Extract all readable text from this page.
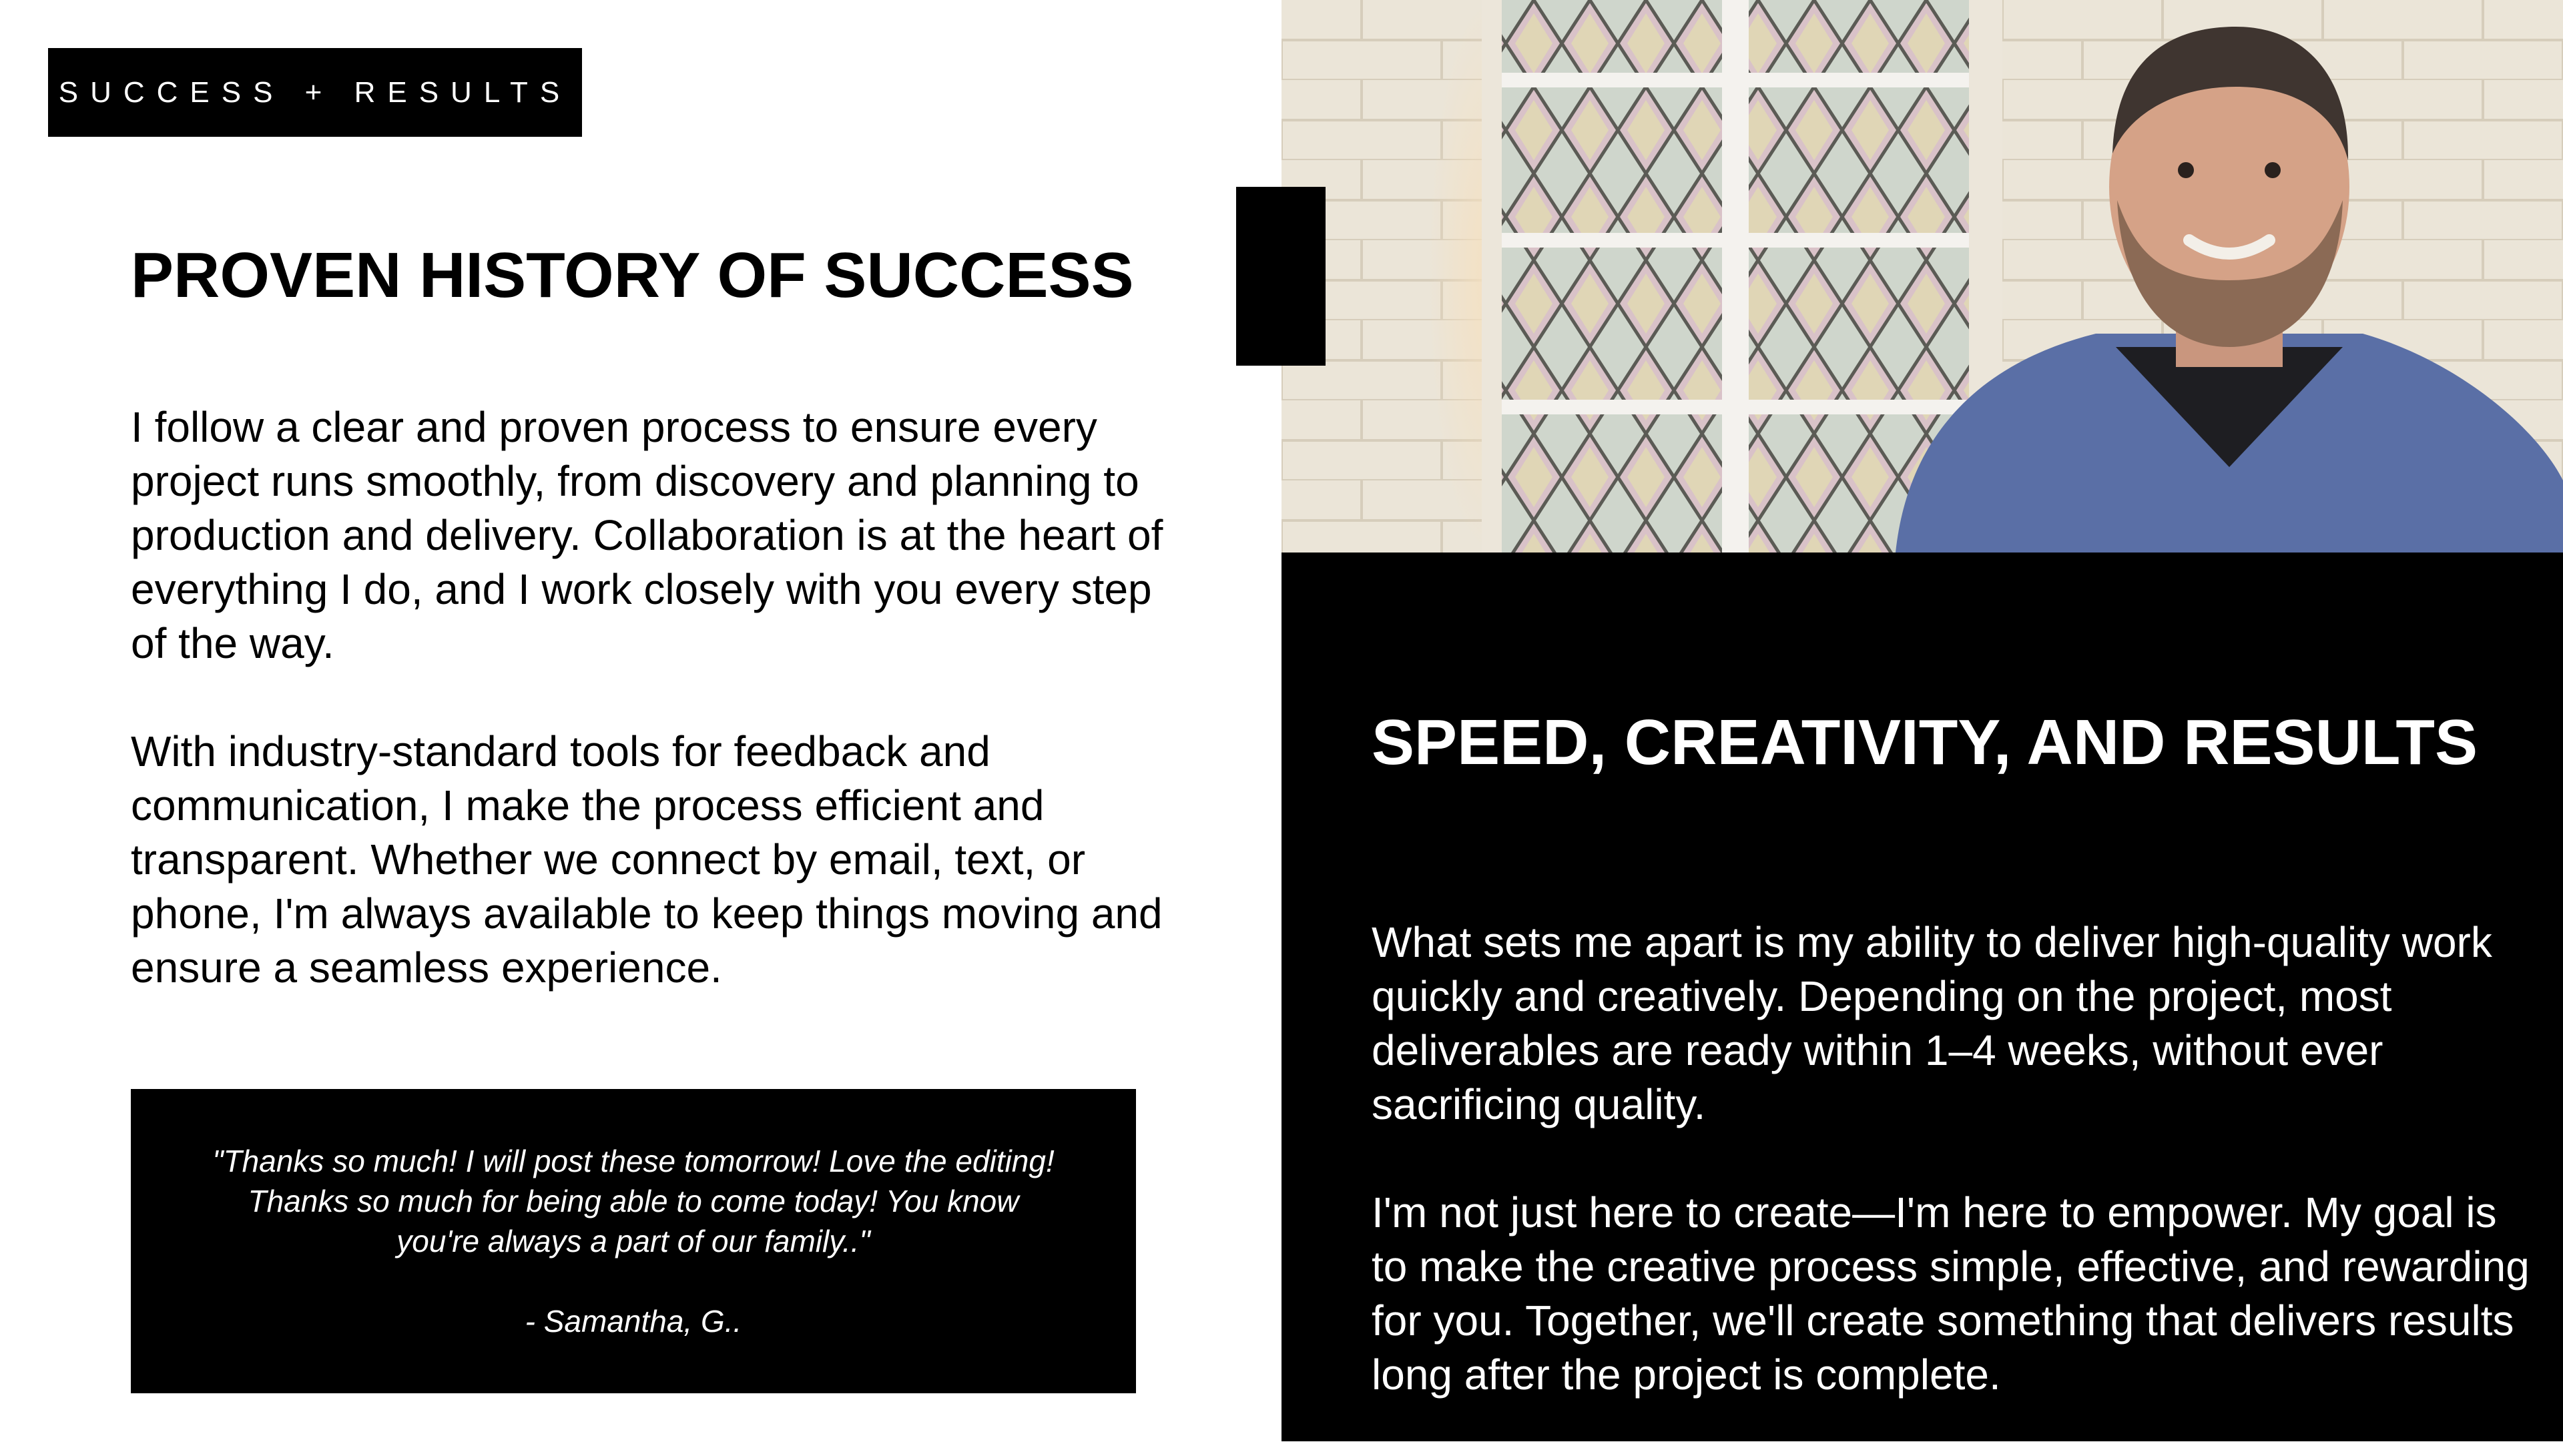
SUCCESS + RESULTS
PROVEN HISTORY OF SUCCESS

I follow a clear and proven process to ensure every project runs smoothly, from discovery and planning to production and delivery. Collaboration is at the heart of everything I do, and I work closely with you every step of the way.

With industry-standard tools for feedback and communication, I make the process efficient and transparent. Whether we connect by email, text, or phone, I'm always available to keep things moving and ensure a seamless experience.

"Thanks so much! I will post these tomorrow! Love the editing! Thanks so much for being able to come today! You know you're always a part of our family.."

- Samantha, G..

SPEED, CREATIVITY, AND RESULTS

What sets me apart is my ability to deliver high-quality work quickly and creatively. Depending on the project, most deliverables are ready within 1–4 weeks, without ever sacrificing quality.

I'm not just here to create—I'm here to empower. My goal is to make the creative process simple, effective, and rewarding for you. Together, we'll create something that delivers results long after the project is complete.
